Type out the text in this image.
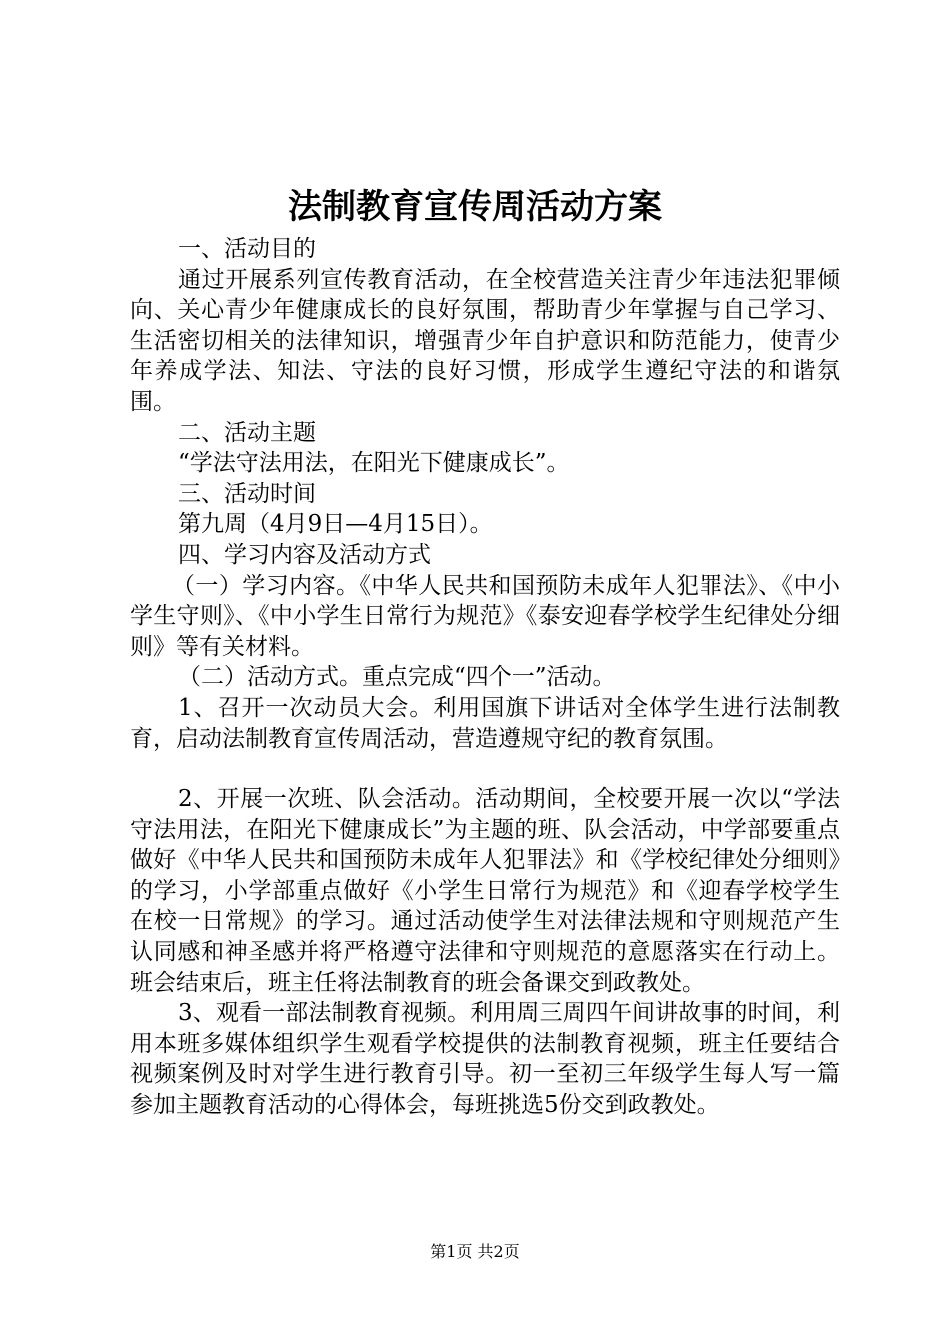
法制教育宣传周活动方案

一、活动目的

通过开展系列宣传教育活动，在全校营造关注青少年违法犯罪倾向、关心青少年健康成长的良好氛围，帮助青少年掌握与自己学习、生活密切相关的法律知识，增强青少年自护意识和防范能力，使青少年养成学法、知法、守法的良好习惯，形成学生遵纪守法的和谐氛围。

二、活动主题

“学法守法用法，在阳光下健康成长”。

三、活动时间

第九周（4月9日—4月15日）。

四、学习内容及活动方式

（一）学习内容。《中华人民共和国预防未成年人犯罪法》、《中小学生守则》、《中小学生日常行为规范》《泰安迎春学校学生纪律处分细则》等有关材料。

（二）活动方式。重点完成“四个一”活动。

1、召开一次动员大会。利用国旗下讲话对全体学生进行法制教育，启动法制教育宣传周活动，营造遵规守纪的教育氛围。

2、开展一次班、队会活动。活动期间，全校要开展一次以“学法守法用法，在阳光下健康成长”为主题的班、队会活动，中学部要重点做好《中华人民共和国预防未成年人犯罪法》和《学校纪律处分细则》的学习，小学部重点做好《小学生日常行为规范》和《迎春学校学生在校一日常规》的学习。通过活动使学生对法律法规和守则规范产生认同感和神圣感并将严格遵守法律和守则规范的意愿落实在行动上。班会结束后，班主任将法制教育的班会备课交到政教处。

3、观看一部法制教育视频。利用周三周四午间讲故事的时间，利用本班多媒体组织学生观看学校提供的法制教育视频，班主任要结合视频案例及时对学生进行教育引导。初一至初三年级学生每人写一篇参加主题教育活动的心得体会，每班挑选5份交到政教处。

第1页 共2页
